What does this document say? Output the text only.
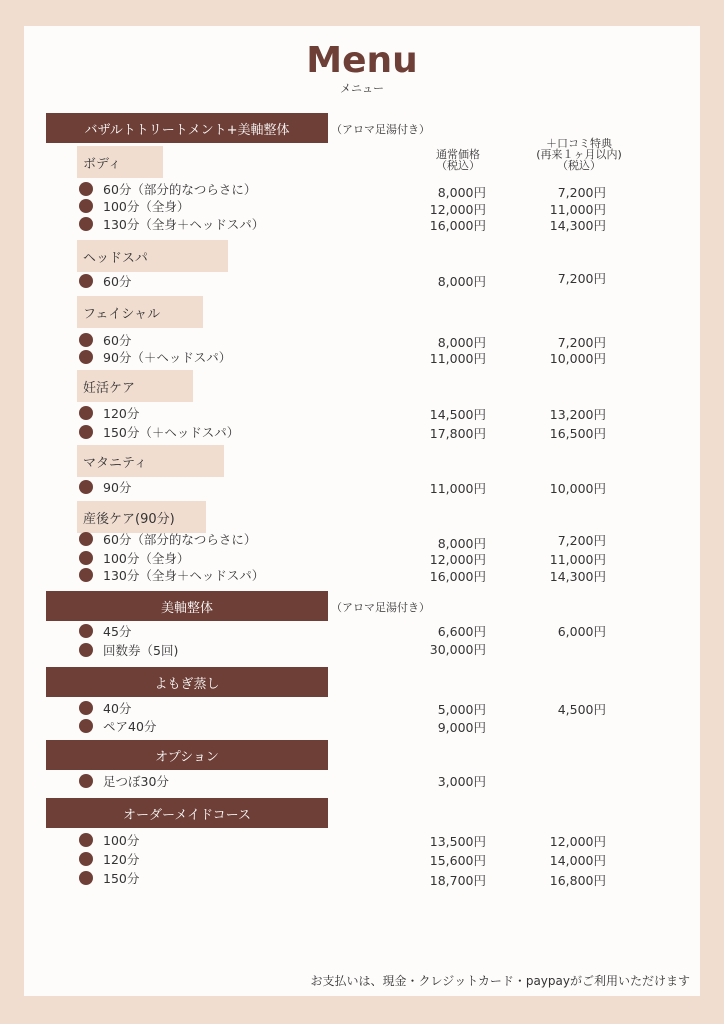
Menu
メニュー
通常価格
（税込）
＋口コミ特典
(再来１ヶ月以内)
（税込）
バザルトトリートメント+美軸整体	（アロマ足湯付き）
ボディ
60分（部分的なつらさに）	8,000円	7,200円
100分（全身）	12,000円	11,000円
130分（全身＋ヘッドスパ）	16,000円	14,300円
ヘッドスパ
60分	8,000円	7,200円
フェイシャル
60分	8,000円	7,200円
90分（＋ヘッドスパ）	11,000円	10,000円
妊活ケア
120分	14,500円	13,200円
150分（＋ヘッドスパ）	17,800円	16,500円
マタニティ
90分	11,000円	10,000円
産後ケア(90分)
60分（部分的なつらさに）	8,000円	7,200円
100分（全身）	12,000円	11,000円
130分（全身＋ヘッドスパ）	16,000円	14,300円
美軸整体	（アロマ足湯付き）
45分	6,600円	6,000円
回数券（5回)	30,000円
よもぎ蒸し
40分	5,000円	4,500円
ペア40分	9,000円
オプション
足つぼ30分	3,000円
オーダーメイドコース
100分	13,500円	12,000円
120分	15,600円	14,000円
150分	18,700円	16,800円
お支払いは、現金・クレジットカード・paypayがご利用いただけます
